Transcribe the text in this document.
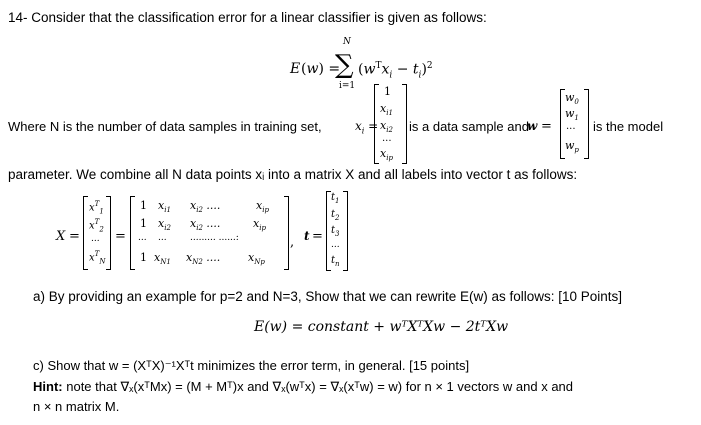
14- Consider that the classification error for a linear classifier is given as follows:
E (w) =
N
∑
i=1
$(w^Tx_i - t_i)^2$
Where N is the number of data samples in training set,	$x_i$ =
1
$x_{i1}$
$x_{i2}$
...
$x_{ip}$
is a data sample and
w =
$w_0$
$w_1$
...
$w_p$
is the model
parameter. We combine all N data points xᵢ into a matrix X and all labels into vector t as follows:
X =
$x^T_1$
$x^T_2$
...
$x^T_N$
=
1 $x_{i1}$ $x_{i2}$ ....	$x_{ip}$
1 $x_{i2}$ $x_{i2}$ ....	$x_{ip}$
... ...	......... ......:
1 $x_{N1}$ $x_{N2}$ ....	$x_{Np}$
, t =
$t_1$
$t_2$
$t_3$
...
$t_n$
a) By providing an example for p=2 and N=3, Show that we can rewrite E(w) as follows: [10 Points]
E(w) = constant + wᵀXᵀXw − 2tᵀXw
c) Show that w = (XᵀX)⁻¹Xᵀt minimizes the error term, in general. [15 points]
Hint: note that ∇ₓ(xᵀMx) = (M + Mᵀ)x and ∇ₓ(wᵀx) = ∇ₓ(xᵀw) = w) for n × 1 vectors w and x and
n × n matrix M.
